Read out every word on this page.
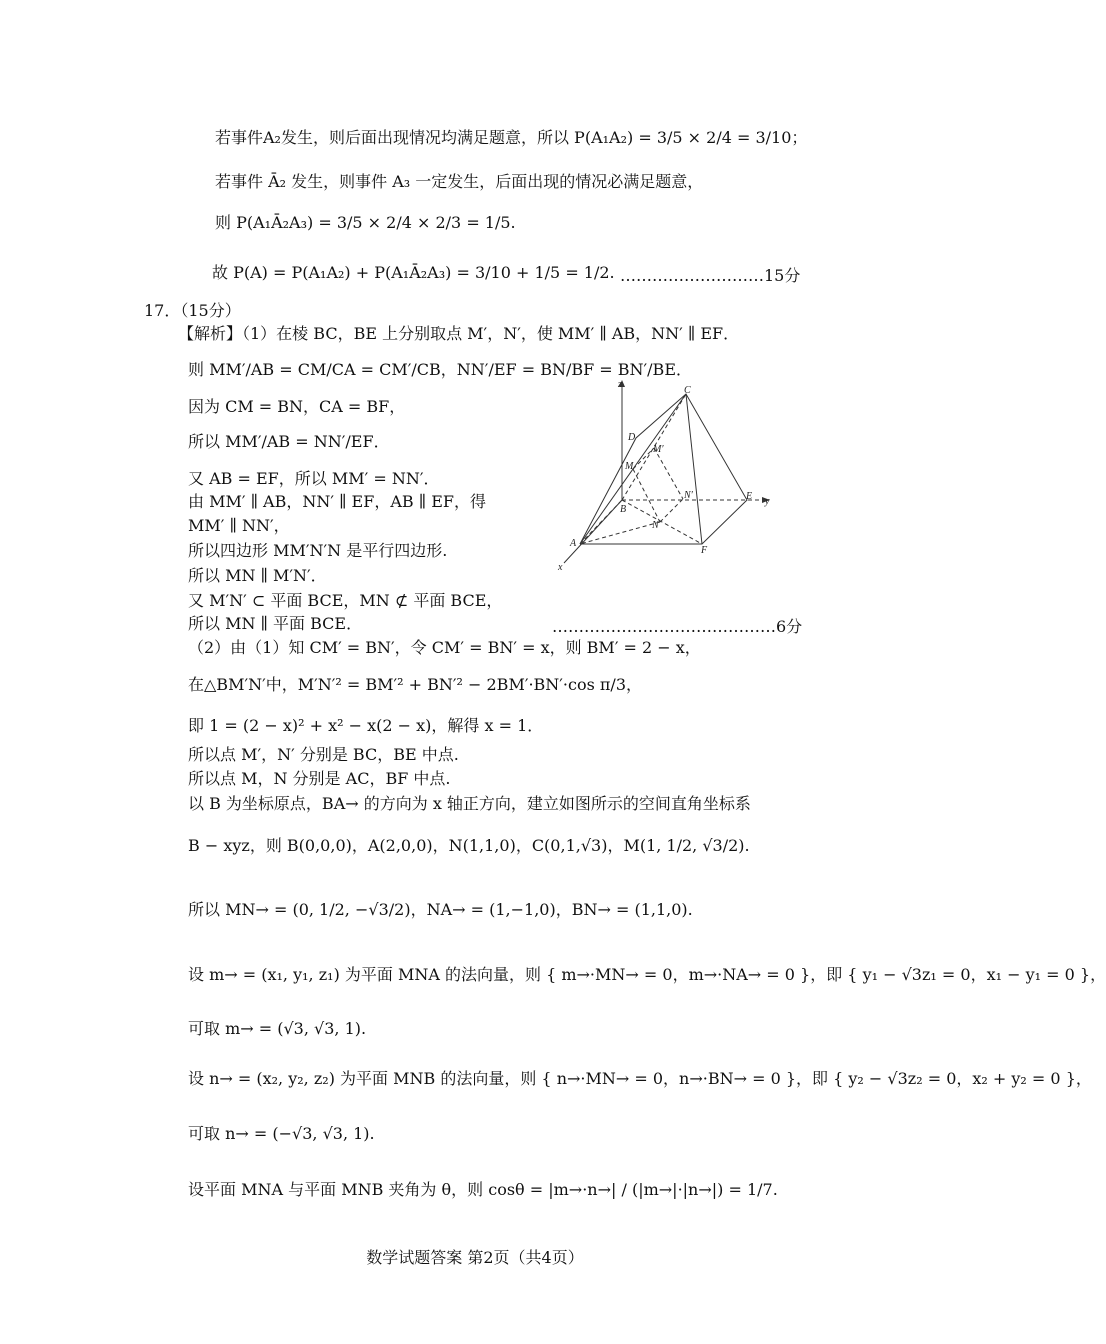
若事件A₂发生，则后面出现情况均满足题意，所以 P(A₁A₂) = 3/5 × 2/4 = 3/10；
若事件 Ā₂ 发生，则事件 A₃ 一定发生，后面出现的情况必满足题意，
则 P(A₁Ā₂A₃) = 3/5 × 2/4 × 2/3 = 1/5.
故 P(A) = P(A₁A₂) + P(A₁Ā₂A₃) = 3/10 + 1/5 = 1/2. ………………………15分
17．（15分）
【解析】（1）在棱 BC，BE 上分别取点 M′，N′，使 MM′ ∥ AB，NN′ ∥ EF．
则 MM′/AB = CM/CA = CM′/CB，NN′/EF = BN/BF = BN′/BE．
因为 CM = BN，CA = BF，
所以 MM′/AB = NN′/EF．
又 AB = EF，所以 MM′ = NN′．
由 MM′ ∥ AB，NN′ ∥ EF，AB ∥ EF，得
MM′ ∥ NN′，
所以四边形 MM′N′N 是平行四边形.
所以 MN ∥ M′N′．
又 M′N′ ⊂ 平面 BCE，MN ⊄ 平面 BCE，
所以 MN ∥ 平面 BCE．	……………………………………6分
（2）由（1）知 CM′ = BN′，令 CM′ = BN′ = x，则 BM′ = 2 − x，
在△BM′N′中，M′N′² = BM′² + BN′² − 2BM′·BN′·cos π/3，
即 1 = (2 − x)² + x² − x(2 − x)，解得 x = 1．
所以点 M′，N′ 分别是 BC，BE 中点.
所以点 M，N 分别是 AC，BF 中点.
以 B 为坐标原点，BA→ 的方向为 x 轴正方向，建立如图所示的空间直角坐标系
B − xyz，则 B(0,0,0)，A(2,0,0)，N(1,1,0)，C(0,1,√3)，M(1, 1/2, √3/2).
所以 MN→ = (0, 1/2, −√3/2)，NA→ = (1,−1,0)，BN→ = (1,1,0).
设 m→ = (x₁, y₁, z₁) 为平面 MNA 的法向量，则 { m→·MN→ = 0，m→·NA→ = 0 }，即 { y₁ − √3z₁ = 0，x₁ − y₁ = 0 }，
可取 m→ = (√3, √3, 1).
设 n→ = (x₂, y₂, z₂) 为平面 MNB 的法向量，则 { n→·MN→ = 0，n→·BN→ = 0 }，即 { y₂ − √3z₂ = 0，x₂ + y₂ = 0 }，
可取 n→ = (−√3, √3, 1).
设平面 MNA 与平面 MNB 夹角为 θ，则 cosθ = |m→·n→| / (|m→|·|n→|) = 1/7.
z
C
D
M′
M
N′	E y
B
N
A
F
x
数学试题答案 第2页（共4页）
